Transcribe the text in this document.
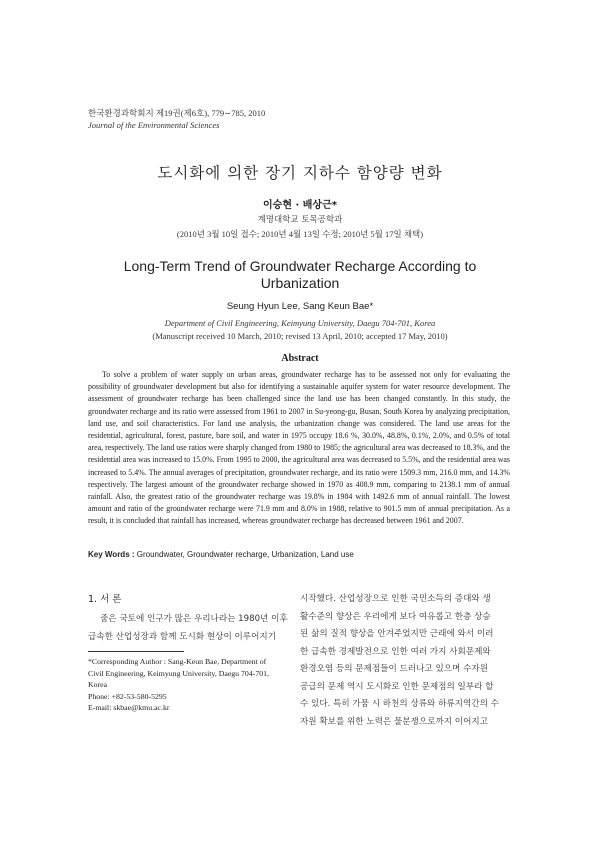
한국환경과학회지 제19권(제6호), 779∼785, 2010
Journal of the Environmental Sciences
도시화에 의한 장기 지하수 함양량 변화
이승현 · 배상근*
계명대학교 토목공학과
(2010년 3월 10일 접수; 2010년 4월 13일 수정; 2010년 5월 17일 채택)
Long-Term Trend of Groundwater Recharge According to Urbanization
Seung Hyun Lee, Sang Keun Bae*
Department of Civil Engineering, Keimyung University, Daegu 704-701, Korea
(Manuscript received 10 March, 2010; revised 13 April, 2010; accepted 17 May, 2010)
Abstract

To solve a problem of water supply on urban areas, groundwater recharge has to be assessed not only for evaluating the possibility of groundwater development but also for identifying a sustainable aquifer system for water resource development. The assessment of groundwater recharge has been challenged since the land use has been changed constantly. In this study, the groundwater recharge and its ratio were assessed from 1961 to 2007 in Su-yeong-gu, Busan, South Korea by analyzing precipitation, land use, and soil characteristics. For land use analysis, the urbanization change was considered. The land use areas for the residential, agricultural, forest, pasture, bare soil, and water in 1975 occupy 18.6 %, 30.0%, 48.8%, 0.1%, 2.0%, and 0.5% of total area, respectively. The land use ratios were sharply changed from 1980 to 1985; the agricultural area was decreased to 18.3%, and the residential area was increased to 15.0%. From 1995 to 2000, the agricultural area was decreased to 5.5%, and the residential area was increased to 5.4%. The annual averages of precipitation, groundwater recharge, and its ratio were 1509.3 mm, 216.0 mm, and 14.3% respectively. The largest amount of the groundwater recharge showed in 1970 as 408.9 mm, comparing to 2138.1 mm of annual rainfall. Also, the greatest ratio of the groundwater recharge was 19.8% in 1984 with 1492.6 mm of annual rainfall. The lowest amount and ratio of the groundwater recharge were 71.9 mm and 8.0% in 1988, relative to 901.5 mm of annual precipitation. As a result, it is concluded that rainfall has increased, whereas groundwater recharge has decreased between 1961 and 2007.

Key Words : Groundwater, Groundwater recharge, Urbanization, Land use
1. 서 론
줌은 국토에 인구가 많은 우리나라는 1980년 이후
급속한 산업성장과 함께 도시화 현상이 이루어지기
*Corresponding Author : Sang-Keun Bae, Department of
Civil Engineering, Keimyung University, Daegu 704-701,
Korea
Phone: +82-53-580-5295
E-mail: skbae@kmu.ac.kr
시작했다. 산업성장으로 인한 국민소득의 증대와 생
활수준의 향상은 우리에게 보다 여유롭고 한층 상승
된 삶의 질적 향상을 안겨주었지만 근래에 와서 이러
한 급속한 경제발전으로 인한 여러 가지 사회문제와
환경오염 등의 문제점들이 드러나고 있으며 수자원
공급의 문제 역시 도시화로 인한 문제점의 일부라 할
수 있다. 특히 가뭄 시 하천의 상류와 하류지역간의 수
자원 확보를 위한 노력은 물분쟁으로까지 이어지고
